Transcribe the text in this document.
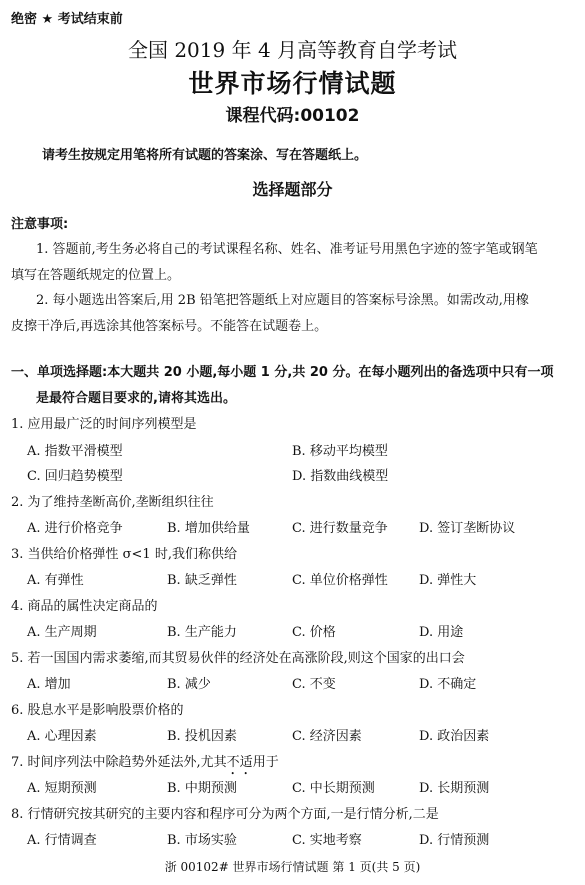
绝密 ★ 考试结束前
全国 2019 年 4 月高等教育自学考试
世界市场行情试题
课程代码:00102
请考生按规定用笔将所有试题的答案涂、写在答题纸上。
选择题部分
注意事项:
1. 答题前,考生务必将自己的考试课程名称、姓名、准考证号用黑色字迹的签字笔或钢笔
填写在答题纸规定的位置上。
2. 每小题选出答案后,用 2B 铅笔把答题纸上对应题目的答案标号涂黑。如需改动,用橡
皮擦干净后,再选涂其他答案标号。不能答在试题卷上。
一、单项选择题:本大题共 20 小题,每小题 1 分,共 20 分。在每小题列出的备选项中只有一项
是最符合题目要求的,请将其选出。
1. 应用最广泛的时间序列模型是
A. 指数平滑模型	B. 移动平均模型
C. 回归趋势模型	D. 指数曲线模型
2. 为了维持垄断高价,垄断组织往往
A. 进行价格竞争	B. 增加供给量	C. 进行数量竞争 D. 签订垄断协议
3. 当供给价格弹性 σ<1 时,我们称供给
A. 有弹性	B. 缺乏弹性	C. 单位价格弹性 D. 弹性大
4. 商品的属性决定商品的
A. 生产周期	B. 生产能力	C. 价格	D. 用途
5. 若一国国内需求萎缩,而其贸易伙伴的经济处在高涨阶段,则这个国家的出口会
A. 增加	B. 减少	C. 不变	D. 不确定
6. 股息水平是影响股票价格的
A. 心理因素	B. 投机因素	C. 经济因素	D. 政治因素
7. 时间序列法中除趋势外延法外,尤其不适用于
A. 短期预测	B. 中期预测	C. 中长期预测	D. 长期预测
8. 行情研究按其研究的主要内容和程序可分为两个方面,一是行情分析,二是
A. 行情调查	B. 市场实验	C. 实地考察	D. 行情预测
浙 00102# 世界市场行情试题 第 1 页(共 5 页)
